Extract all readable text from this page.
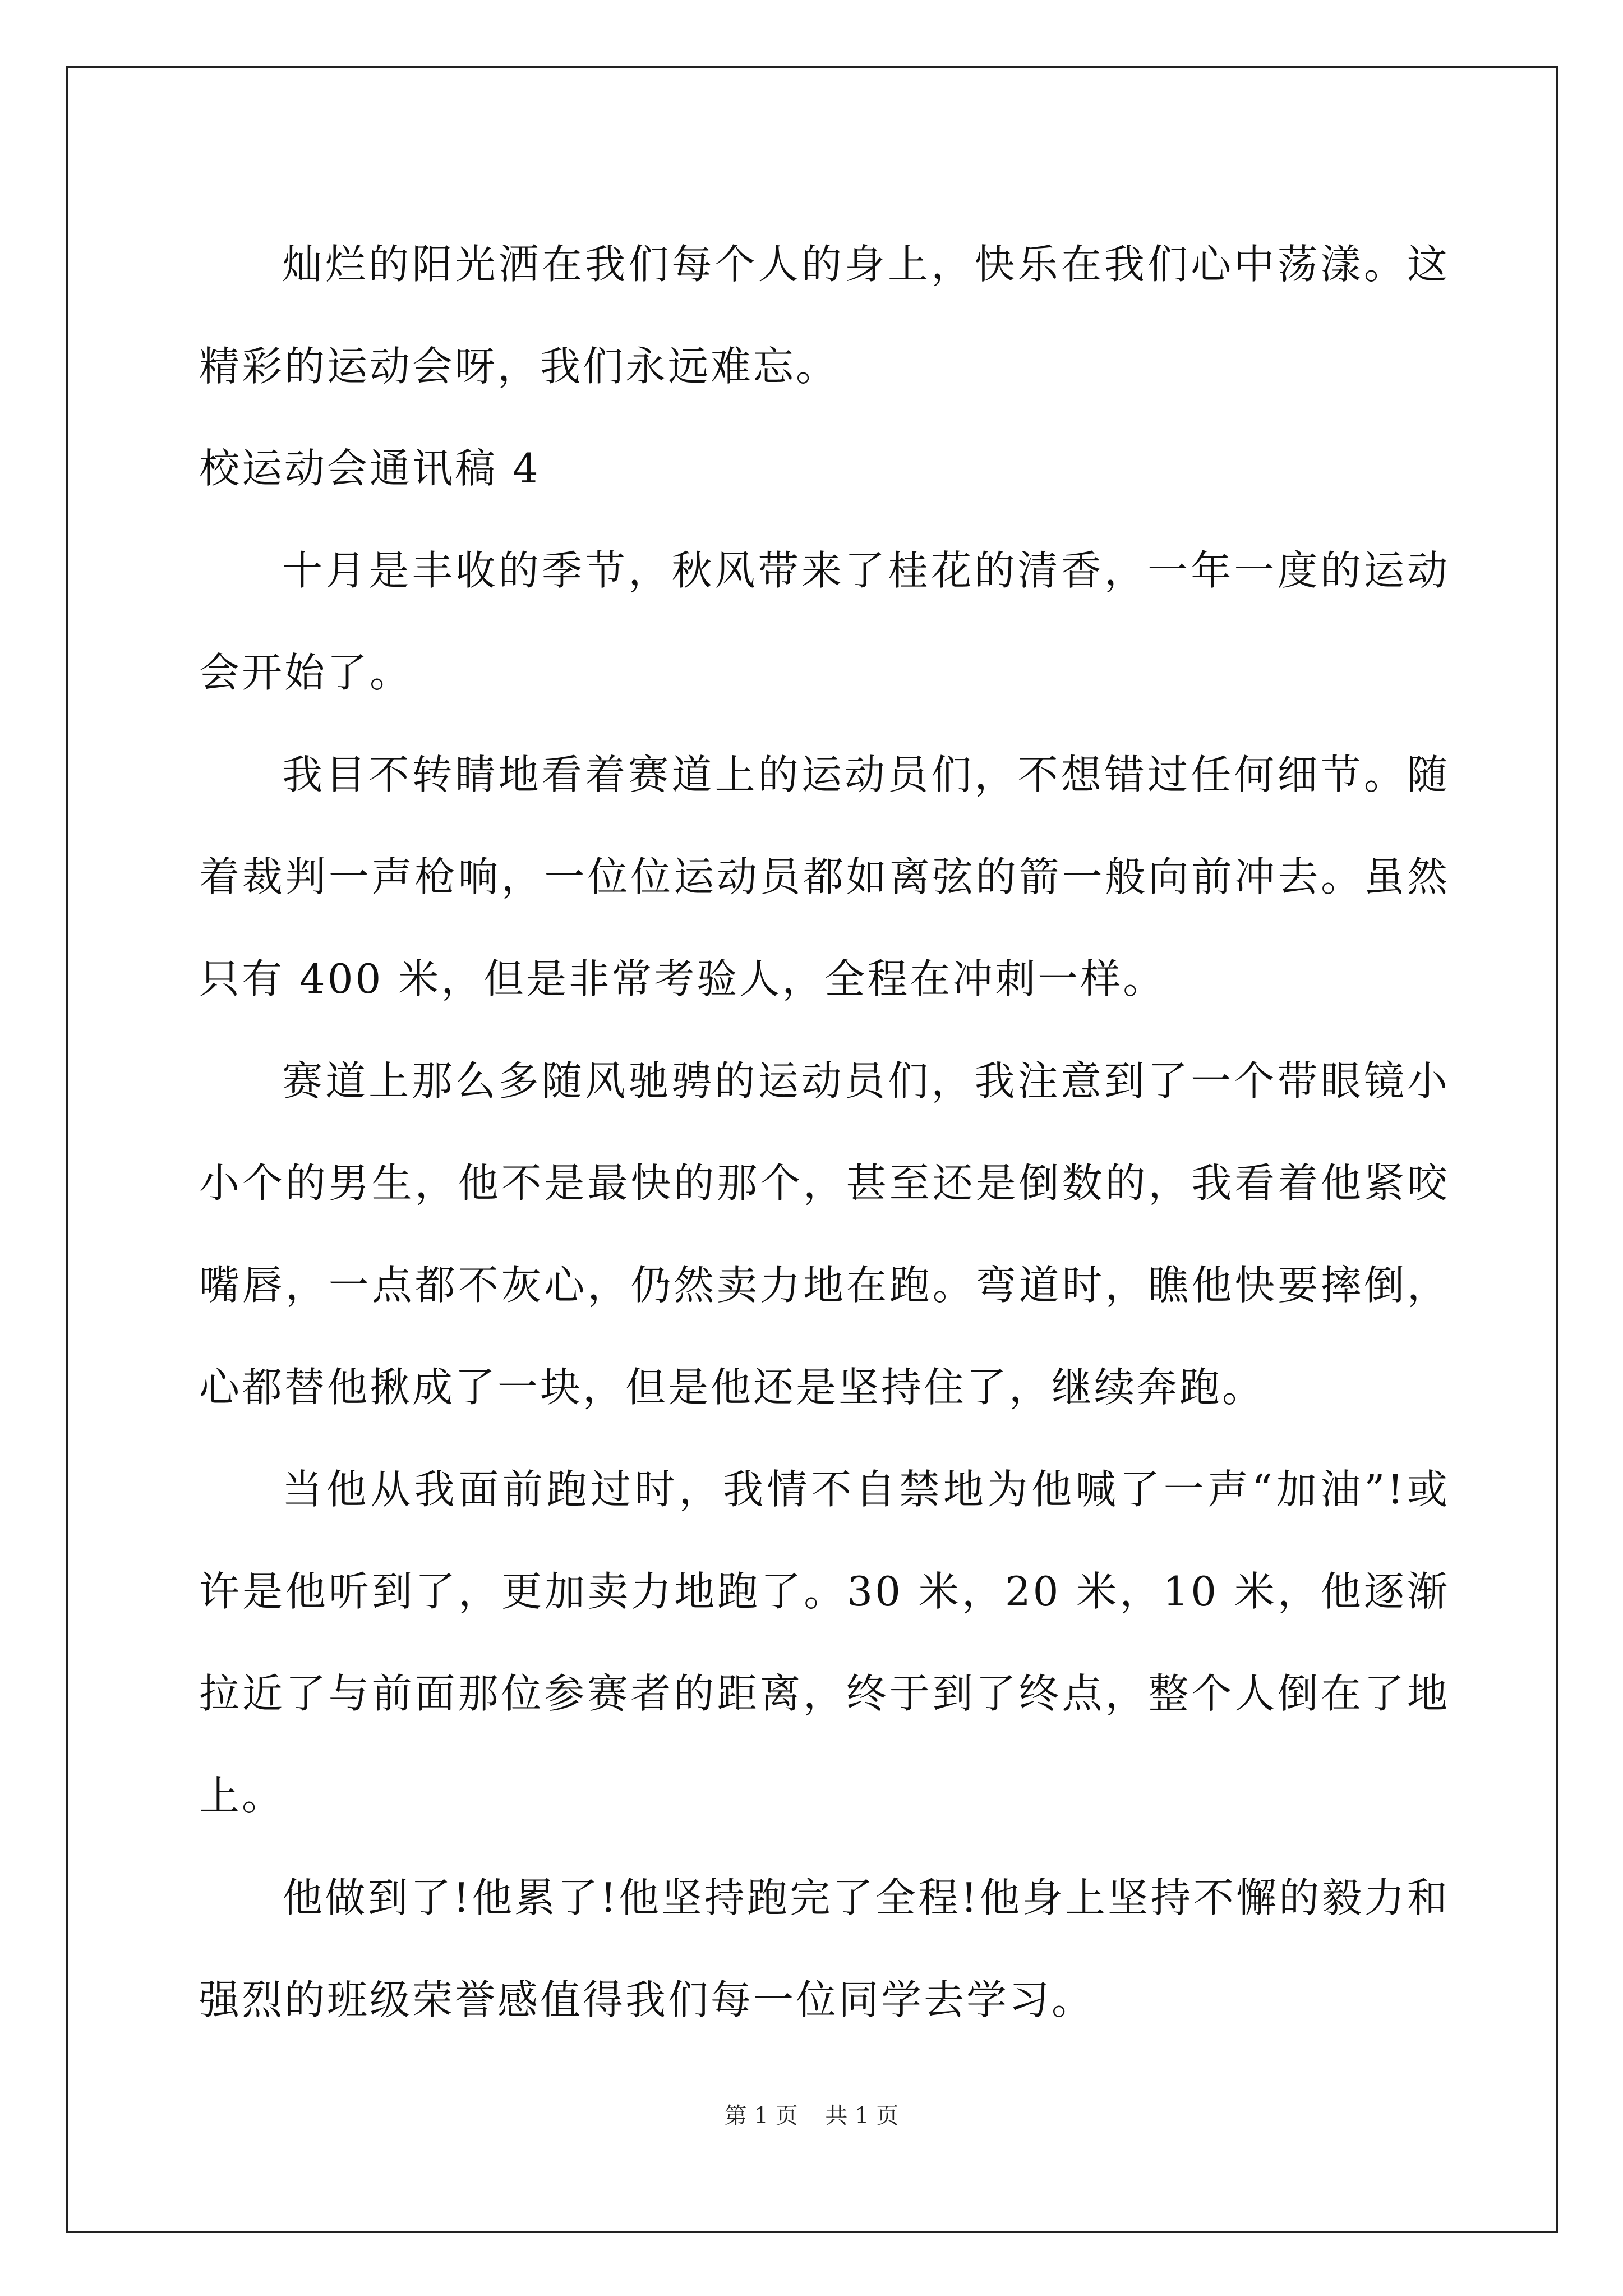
灿烂的阳光洒在我们每个人的身上，快乐在我们心中荡漾。这精彩的运动会呀，我们永远难忘。

校运动会通讯稿 4

十月是丰收的季节，秋风带来了桂花的清香，一年一度的运动会开始了。

我目不转睛地看着赛道上的运动员们，不想错过任何细节。随着裁判一声枪响，一位位运动员都如离弦的箭一般向前冲去。虽然只有 400 米，但是非常考验人，全程在冲刺一样。

赛道上那么多随风驰骋的运动员们，我注意到了一个带眼镜小小个的男生，他不是最快的那个，甚至还是倒数的，我看着他紧咬嘴唇，一点都不灰心，仍然卖力地在跑。弯道时，瞧他快要摔倒，心都替他揪成了一块，但是他还是坚持住了，继续奔跑。

当他从我面前跑过时，我情不自禁地为他喊了一声“加油”!或许是他听到了，更加卖力地跑了。30 米，20 米，10 米，他逐渐拉近了与前面那位参赛者的距离，终于到了终点，整个人倒在了地上。

他做到了!他累了!他坚持跑完了全程!他身上坚持不懈的毅力和强烈的班级荣誉感值得我们每一位同学去学习。

第 1 页 共 1 页
